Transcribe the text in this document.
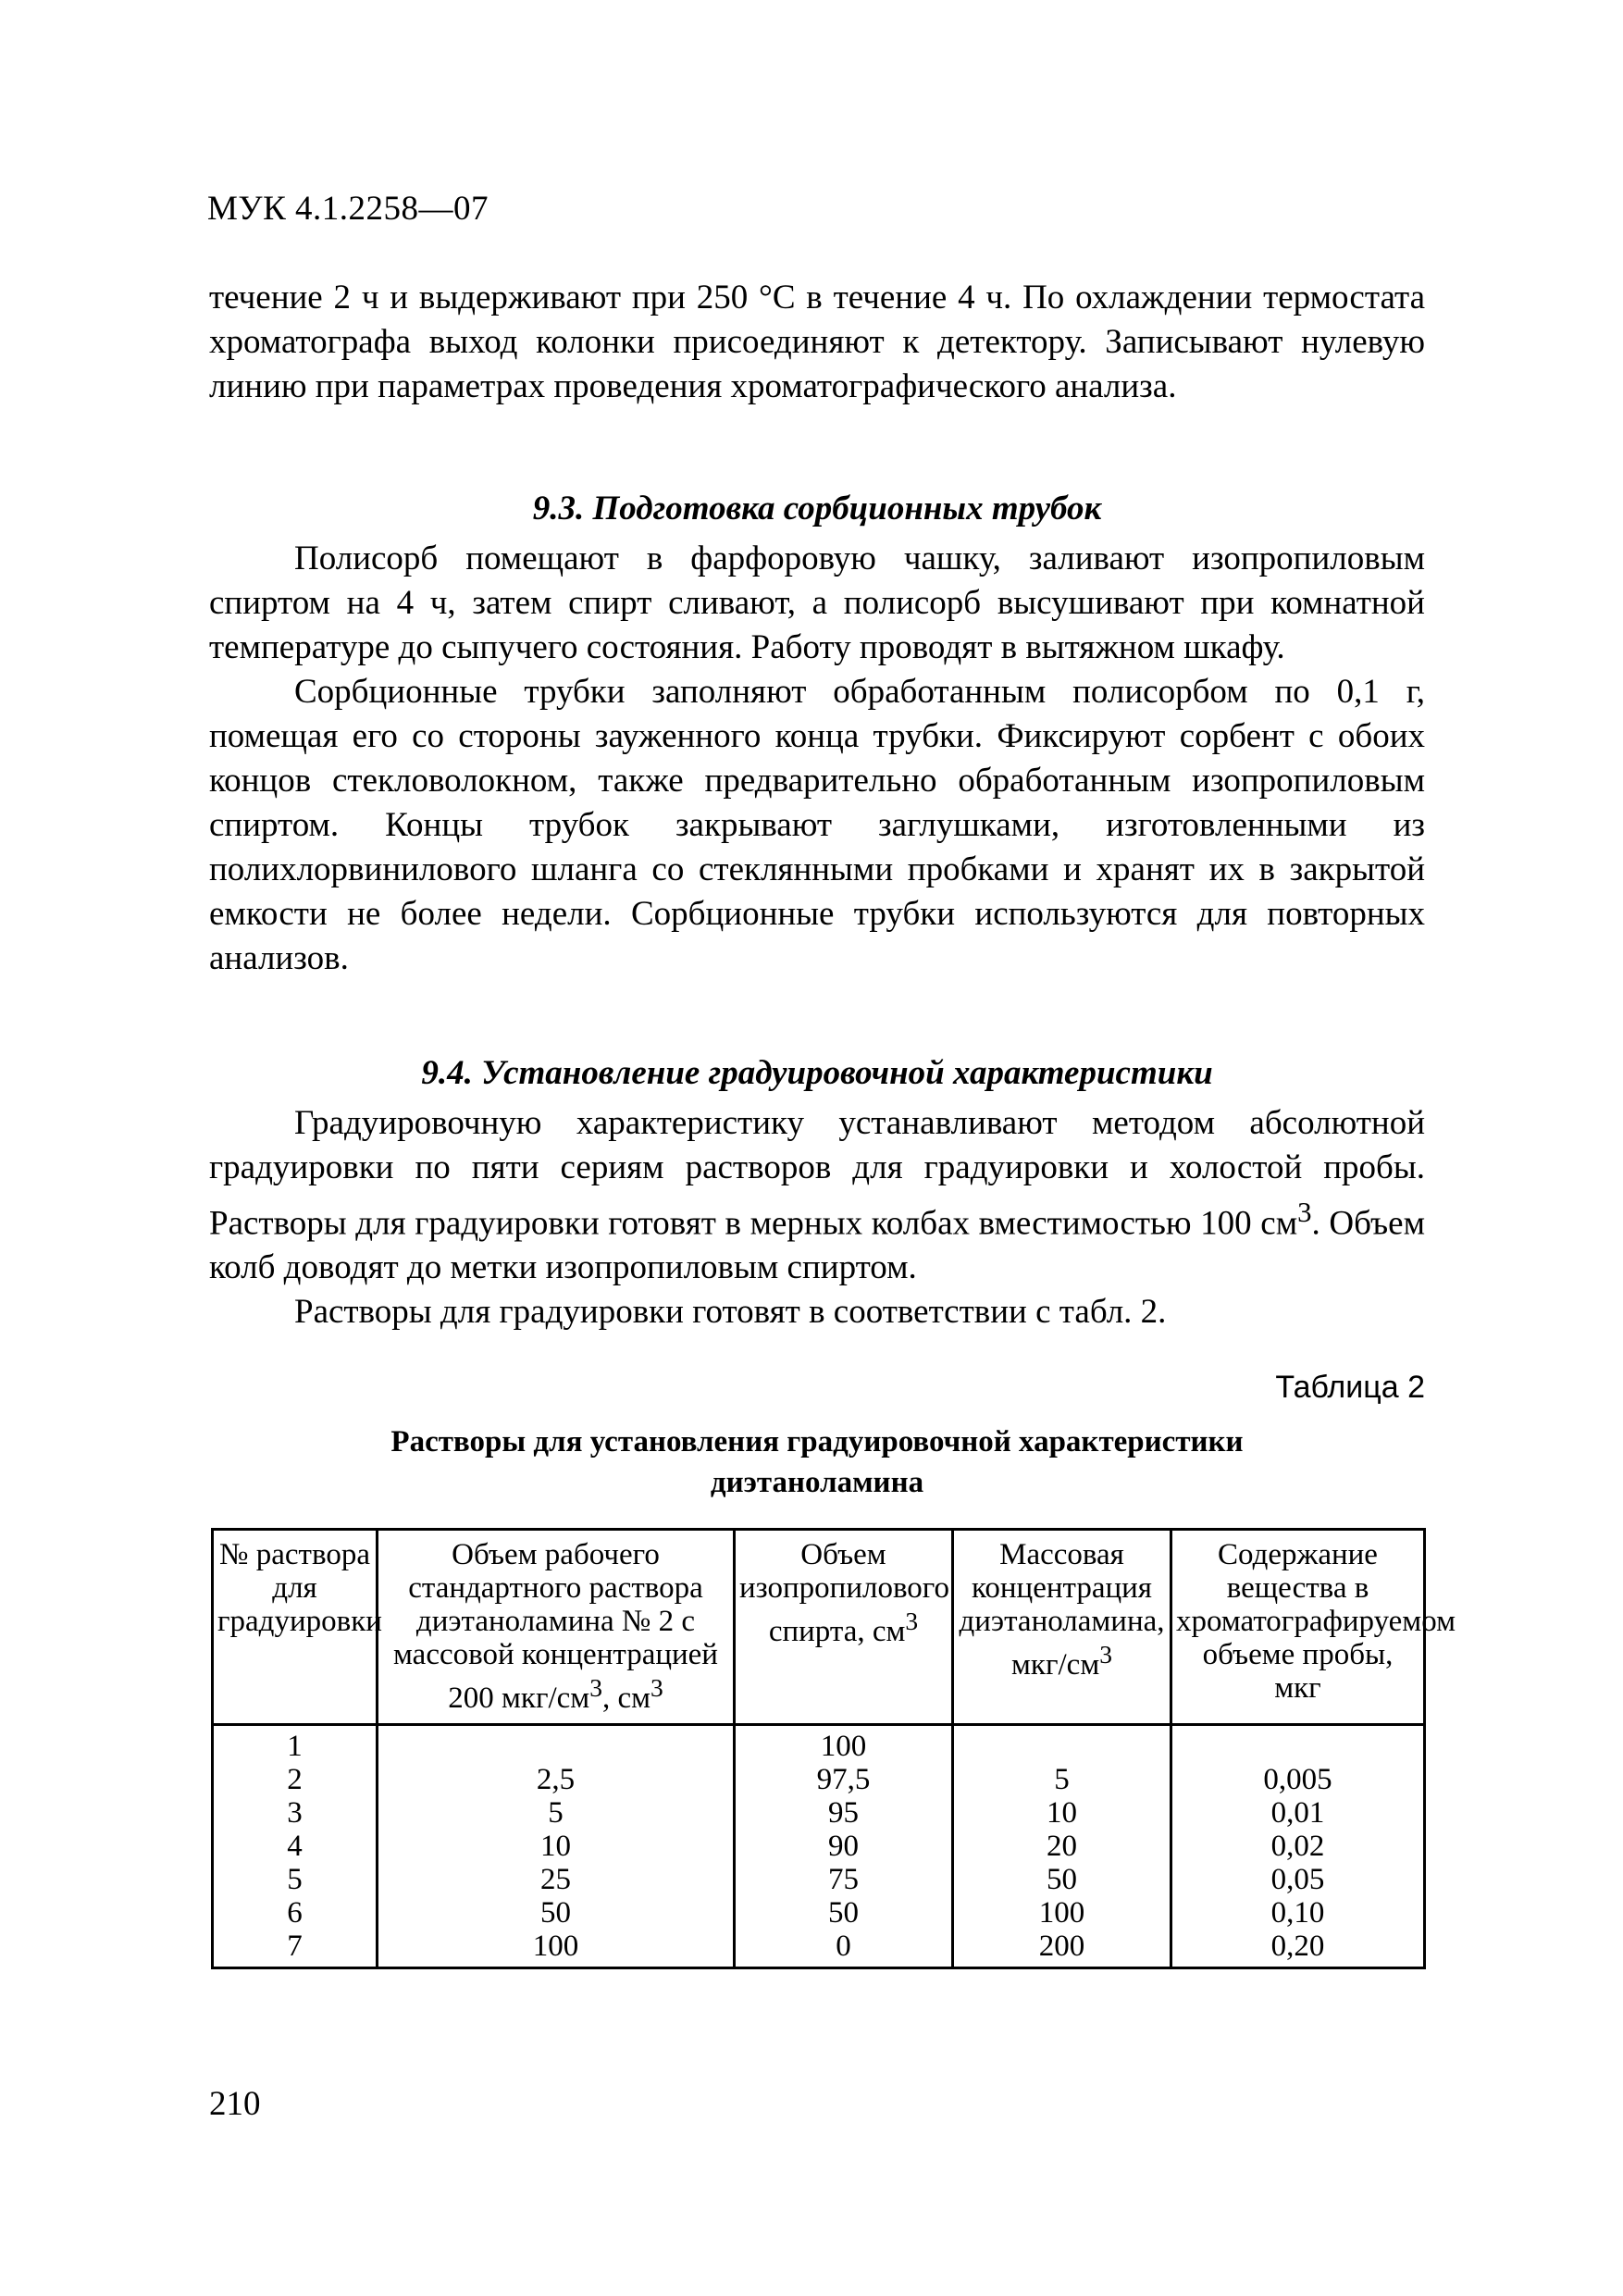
МУК 4.1.2258—07

течение 2 ч и выдерживают при 250 °С в течение 4 ч. По охлаждении термостата хроматографа выход колонки присоединяют к детектору. Записывают нулевую линию при параметрах проведения хроматографического анализа.

9.3. Подготовка сорбционных трубок

Полисорб помещают в фарфоровую чашку, заливают изопропиловым спиртом на 4 ч, затем спирт сливают, а полисорб высушивают при комнатной температуре до сыпучего состояния. Работу проводят в вытяжном шкафу.

Сорбционные трубки заполняют обработанным полисорбом по 0,1 г, помещая его со стороны зауженного конца трубки. Фиксируют сорбент с обоих концов стекловолокном, также предварительно обработанным изопропиловым спиртом. Концы трубок закрывают заглушками, изготовленными из полихлорвинилового шланга со стеклянными пробками и хранят их в закрытой емкости не более недели. Сорбционные трубки используются для повторных анализов.

9.4. Установление градуировочной характеристики

Градуировочную характеристику устанавливают методом абсолютной градуировки по пяти сериям растворов для градуировки и холостой пробы. Растворы для градуировки готовят в мерных колбах вместимостью 100 $см^3$. Объем колб доводят до метки изопропиловым спиртом.

Растворы для градуировки готовят в соответствии с табл. 2.

Таблица 2
Растворы для установления градуировочной характеристики
диэтаноламина
№ раствора для градуировки	Объем рабочего стандартного раствора диэтаноламина № 2 с массовой концентрацией 200 мкг/$см^3$, $см^3$	Объем изопропилового спирта, $см^3$	Массовая концентрация диэтаноламина, мкг/$см^3$	Содержание вещества в хроматографируемом объеме пробы, мкг
1		100		
2	2,5	97,5	5	0,005
3	5	95	10	0,01
4	10	90	20	0,02
5	25	75	50	0,05
6	50	50	100	0,10
7	100	0	200	0,20
210
